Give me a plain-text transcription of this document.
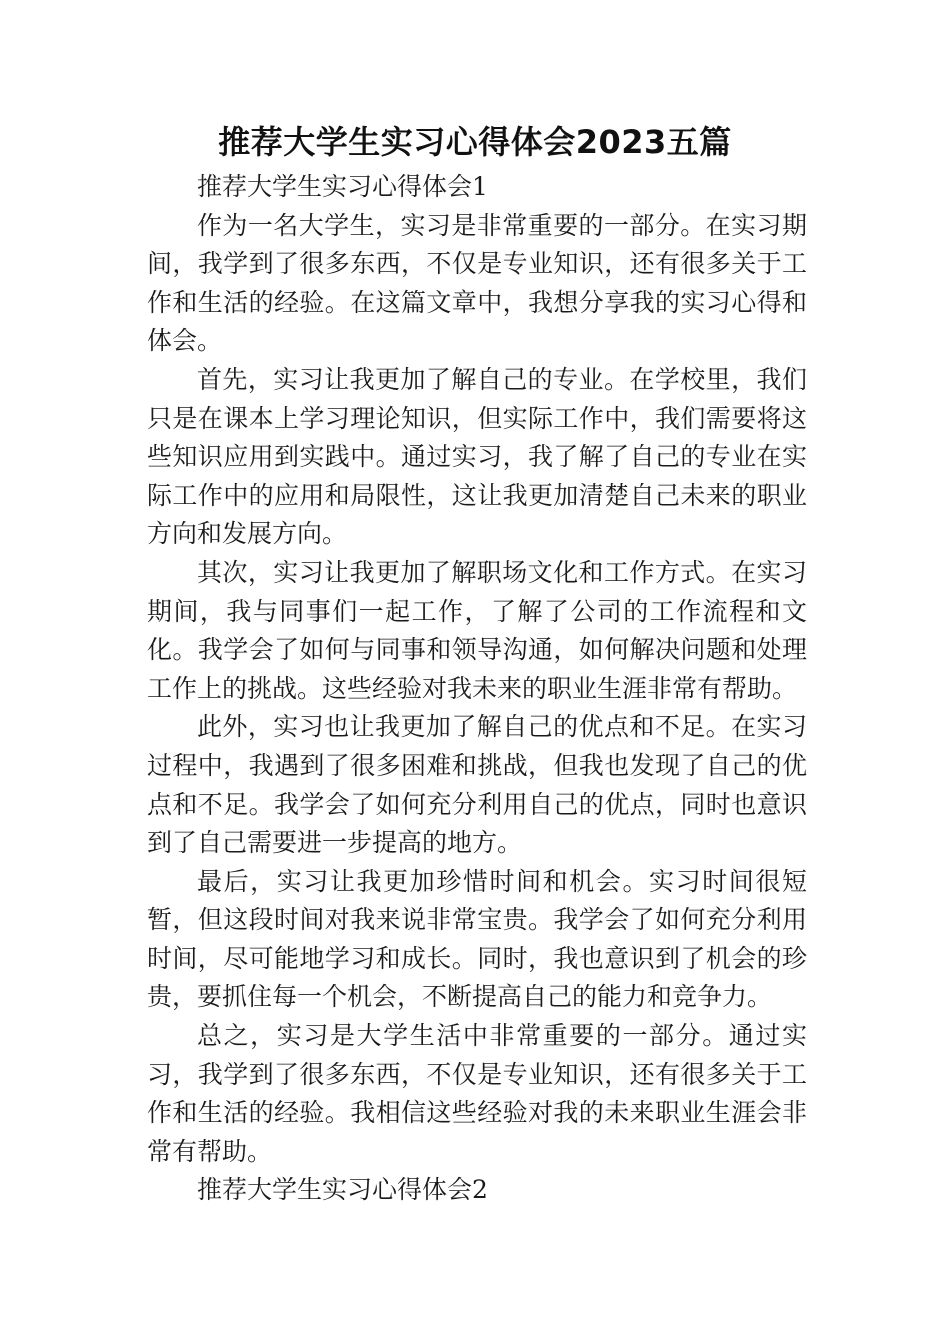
推荐大学生实习心得体会2023五篇

推荐大学生实习心得体会1

作为一名大学生，实习是非常重要的一部分。在实习期间，我学到了很多东西，不仅是专业知识，还有很多关于工作和生活的经验。在这篇文章中，我想分享我的实习心得和体会。

首先，实习让我更加了解自己的专业。在学校里，我们只是在课本上学习理论知识，但实际工作中，我们需要将这些知识应用到实践中。通过实习，我了解了自己的专业在实际工作中的应用和局限性，这让我更加清楚自己未来的职业方向和发展方向。

其次，实习让我更加了解职场文化和工作方式。在实习期间，我与同事们一起工作，了解了公司的工作流程和文化。我学会了如何与同事和领导沟通，如何解决问题和处理工作上的挑战。这些经验对我未来的职业生涯非常有帮助。

此外，实习也让我更加了解自己的优点和不足。在实习过程中，我遇到了很多困难和挑战，但我也发现了自己的优点和不足。我学会了如何充分利用自己的优点，同时也意识到了自己需要进一步提高的地方。

最后，实习让我更加珍惜时间和机会。实习时间很短暂，但这段时间对我来说非常宝贵。我学会了如何充分利用时间，尽可能地学习和成长。同时，我也意识到了机会的珍贵，要抓住每一个机会，不断提高自己的能力和竞争力。

总之，实习是大学生活中非常重要的一部分。通过实习，我学到了很多东西，不仅是专业知识，还有很多关于工作和生活的经验。我相信这些经验对我的未来职业生涯会非常有帮助。

推荐大学生实习心得体会2
